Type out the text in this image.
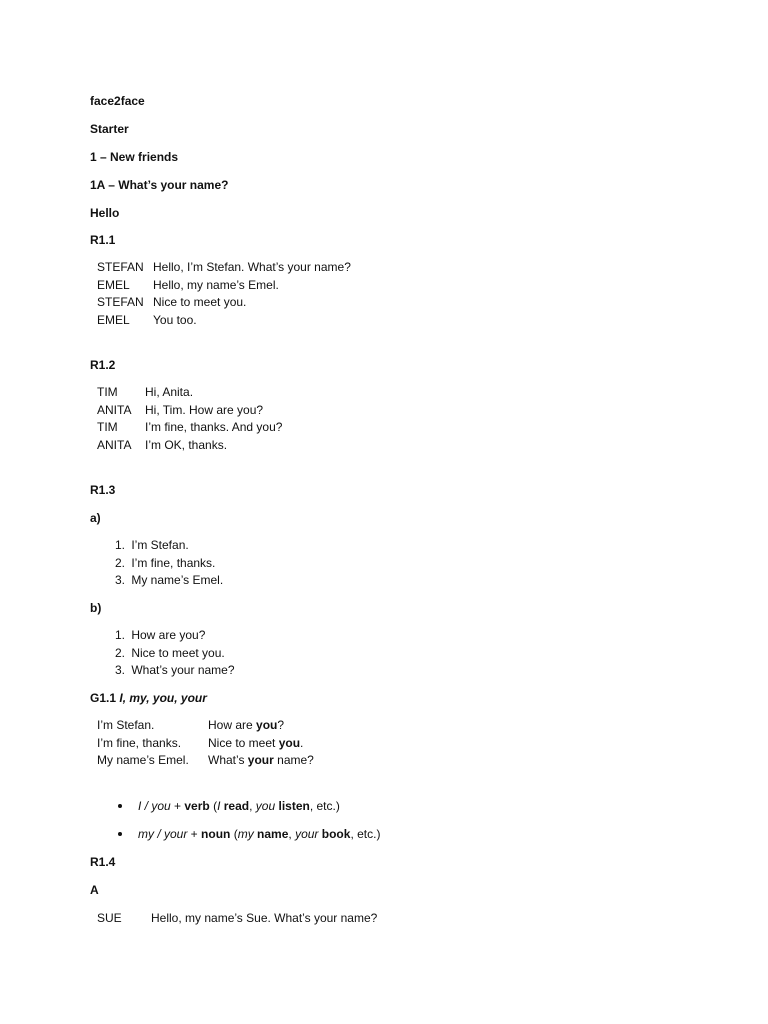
face2face
Starter
1 – New friends
1A – What’s your name?
Hello
R1.1
STEFAN	Hello, I’m Stefan. What’s your name?
EMEL	Hello, my name’s Emel.
STEFAN	Nice to meet you.
EMEL	You too.
R1.2
TIM	Hi, Anita.
ANITA	Hi, Tim. How are you?
TIM	I’m fine, thanks. And you?
ANITA	I’m OK, thanks.
R1.3
a)
1. I’m Stefan.
2. I’m fine, thanks.
3. My name’s Emel.
b)
1. How are you?
2. Nice to meet you.
3. What’s your name?
G1.1 I, my, you, your
I’m Stefan.	How are you?
I’m fine, thanks.	Nice to meet you.
My name’s Emel.	What’s your name?
I / you + verb (I read, you listen, etc.)
my / your + noun (my name, your book, etc.)
R1.4
A
SUE	Hello, my name’s Sue. What’s your name?
